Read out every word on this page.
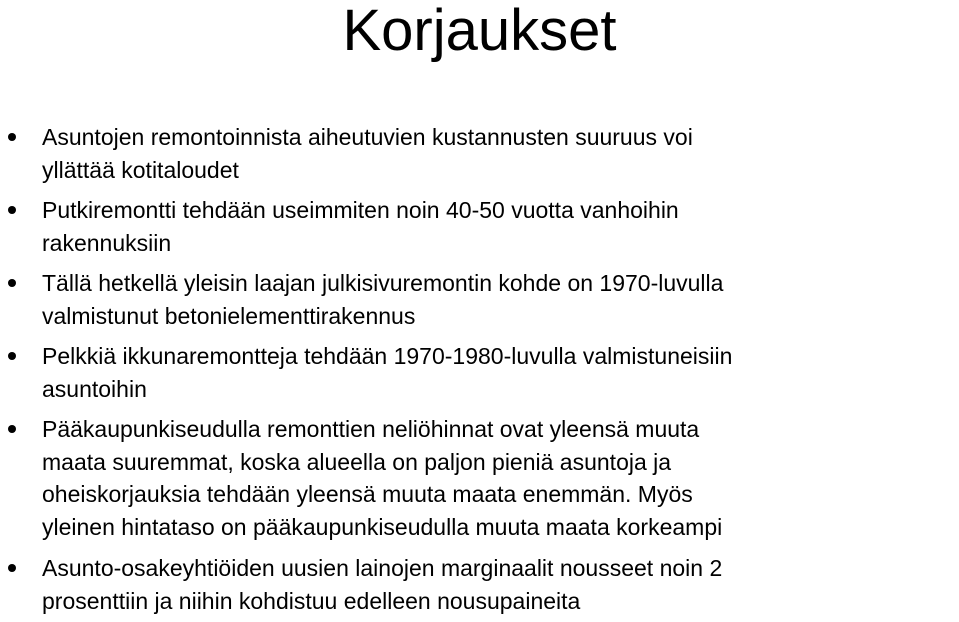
Korjaukset
Asuntojen remontoinnista aiheutuvien kustannusten suuruus voi
yllättää kotitaloudet
Putkiremontti tehdään useimmiten noin 40-50 vuotta vanhoihin
rakennuksiin
Tällä hetkellä yleisin laajan julkisivuremontin kohde on 1970-luvulla
valmistunut betonielementtirakennus
Pelkkiä ikkunaremontteja tehdään 1970-1980-luvulla valmistuneisiin
asuntoihin
Pääkaupunkiseudulla remonttien neliöhinnat ovat yleensä muuta
maata suuremmat, koska alueella on paljon pieniä asuntoja ja
oheiskorjauksia tehdään yleensä muuta maata enemmän. Myös
yleinen hintataso on pääkaupunkiseudulla muuta maata korkeampi
Asunto-osakeyhtiöiden uusien lainojen marginaalit nousseet noin 2
prosenttiin ja niihin kohdistuu edelleen nousupaineita
